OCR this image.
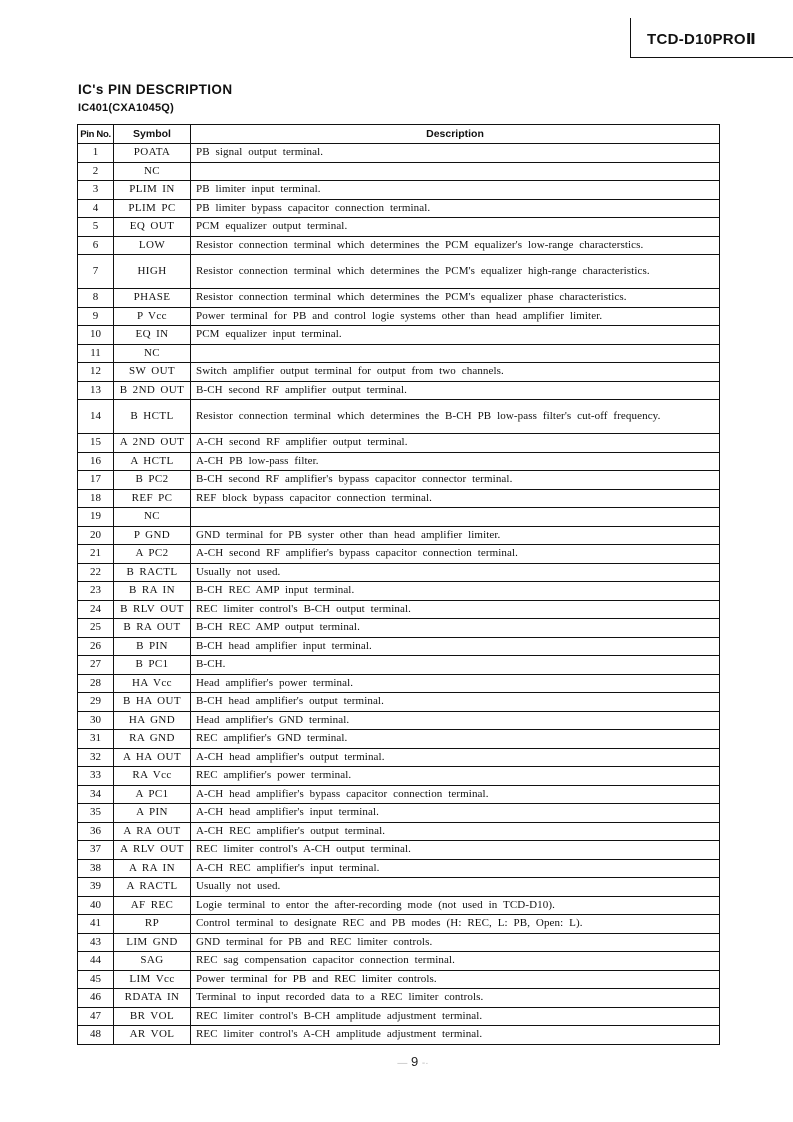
TCD-D10PROⅡ
IC's PIN DESCRIPTION
IC401(CXA1045Q)
Pin No.	Symbol	Description
1	POATA	PB signal output terminal.
2	NC	
3	PLIM IN	PB limiter input terminal.
4	PLIM PC	PB limiter bypass capacitor connection terminal.
5	EQ OUT	PCM equalizer output terminal.
6	LOW	Resistor connection terminal which determines the PCM equalizer's low-range characterstics.
7	HIGH	Resistor connection terminal which determines the PCM's equalizer high-range characteristics.
8	PHASE	Resistor connection terminal which determines the PCM's equalizer phase characteristics.
9	P Vcc	Power terminal for PB and control logie systems other than head amplifier limiter.
10	EQ IN	PCM equalizer input terminal.
11	NC	
12	SW OUT	Switch amplifier output terminal for output from two channels.
13	B 2ND OUT	B-CH second RF amplifier output terminal.
14	B HCTL	Resistor connection terminal which determines the B-CH PB low-pass filter's cut-off frequency.
15	A 2ND OUT	A-CH second RF amplifier output terminal.
16	A HCTL	A-CH PB low-pass filter.
17	B PC2	B-CH second RF amplifier's bypass capacitor connector terminal.
18	REF PC	REF block bypass capacitor connection terminal.
19	NC	
20	P GND	GND terminal for PB syster other than head amplifier limiter.
21	A PC2	A-CH second RF amplifier's bypass capacitor connection terminal.
22	B RACTL	Usually not used.
23	B RA IN	B-CH REC AMP input terminal.
24	B RLV OUT	REC limiter control's B-CH output terminal.
25	B RA OUT	B-CH REC AMP output terminal.
26	B PIN	B-CH head amplifier input terminal.
27	B PC1	B-CH.
28	HA Vcc	Head amplifier's power terminal.
29	B HA OUT	B-CH head amplifier's output terminal.
30	HA GND	Head amplifier's GND terminal.
31	RA GND	REC amplifier's GND terminal.
32	A HA OUT	A-CH head amplifier's output terminal.
33	RA Vcc	REC amplifier's power terminal.
34	A PC1	A-CH head amplifier's bypass capacitor connection terminal.
35	A PIN	A-CH head amplifier's input terminal.
36	A RA OUT	A-CH REC amplifier's output terminal.
37	A RLV OUT	REC limiter control's A-CH output terminal.
38	A RA IN	A-CH REC amplifier's input terminal.
39	A RACTL	Usually not used.
40	AF REC	Logie terminal to entor the after-recording mode (not used in TCD-D10).
41	RP	Control terminal to designate REC and PB modes (H: REC, L: PB, Open: L).
43	LIM GND	GND terminal for PB and REC limiter controls.
44	SAG	REC sag compensation capacitor connection terminal.
45	LIM Vcc	Power terminal for PB and REC limiter controls.
46	RDATA IN	Terminal to input recorded data to a REC limiter controls.
47	BR VOL	REC limiter control's B-CH amplitude adjustment terminal.
48	AR VOL	REC limiter control's A-CH amplitude adjustment terminal.
— 9 -·
